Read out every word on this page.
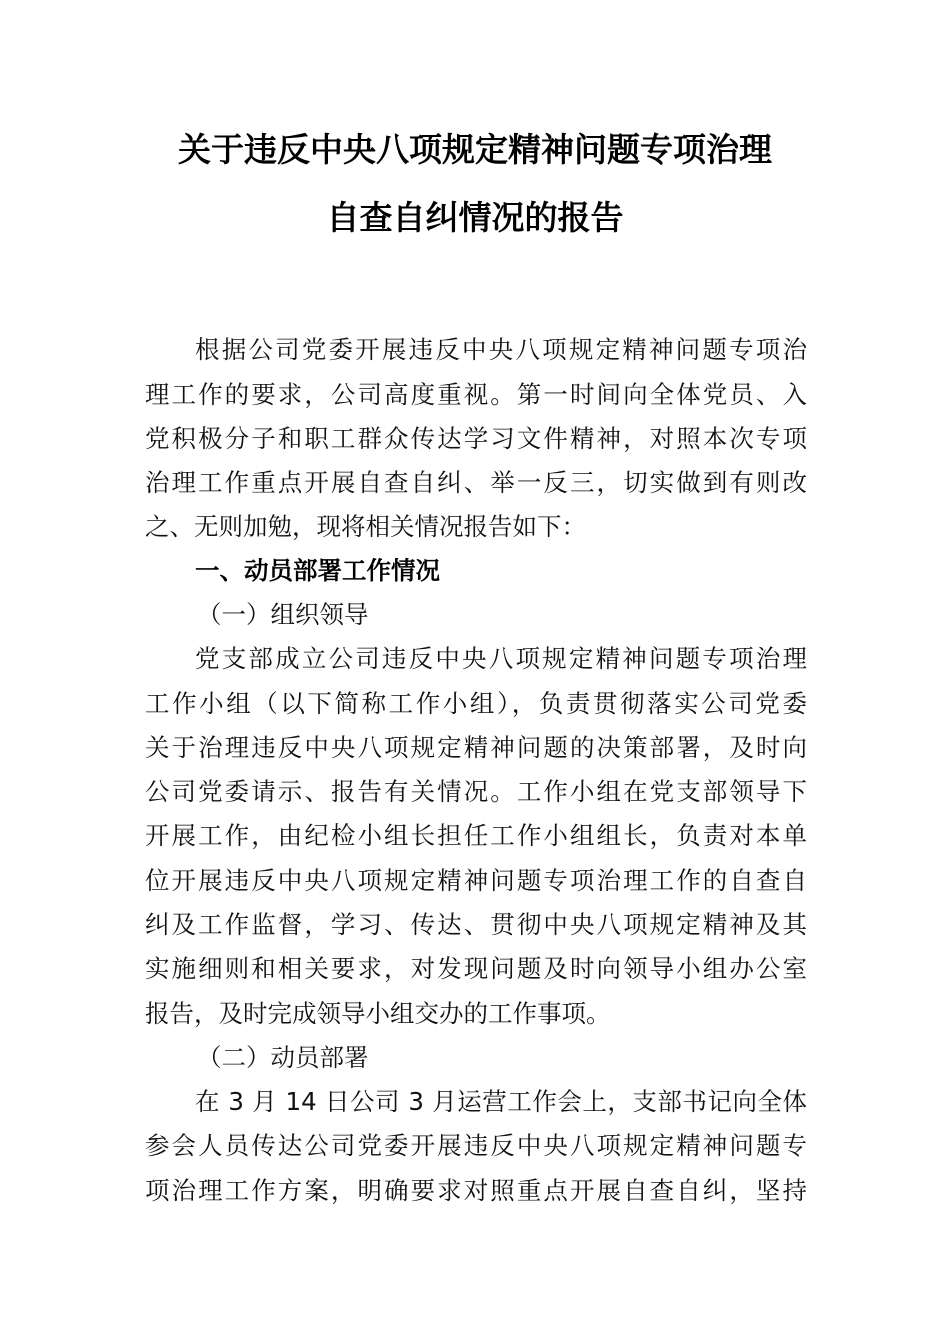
关于违反中央八项规定精神问题专项治理
自查自纠情况的报告
根据公司党委开展违反中央八项规定精神问题专项治
理工作的要求，公司高度重视。第一时间向全体党员、入
党积极分子和职工群众传达学习文件精神，对照本次专项
治理工作重点开展自查自纠、举一反三，切实做到有则改
之、无则加勉，现将相关情况报告如下：
一、动员部署工作情况
（一）组织领导
党支部成立公司违反中央八项规定精神问题专项治理
工作小组（以下简称工作小组），负责贯彻落实公司党委
关于治理违反中央八项规定精神问题的决策部署，及时向
公司党委请示、报告有关情况。工作小组在党支部领导下
开展工作，由纪检小组长担任工作小组组长，负责对本单
位开展违反中央八项规定精神问题专项治理工作的自查自
纠及工作监督，学习、传达、贯彻中央八项规定精神及其
实施细则和相关要求，对发现问题及时向领导小组办公室
报告，及时完成领导小组交办的工作事项。
（二）动员部署
在 3 月 14 日公司 3 月运营工作会上，支部书记向全体
参会人员传达公司党委开展违反中央八项规定精神问题专
项治理工作方案，明确要求对照重点开展自查自纠，坚持
